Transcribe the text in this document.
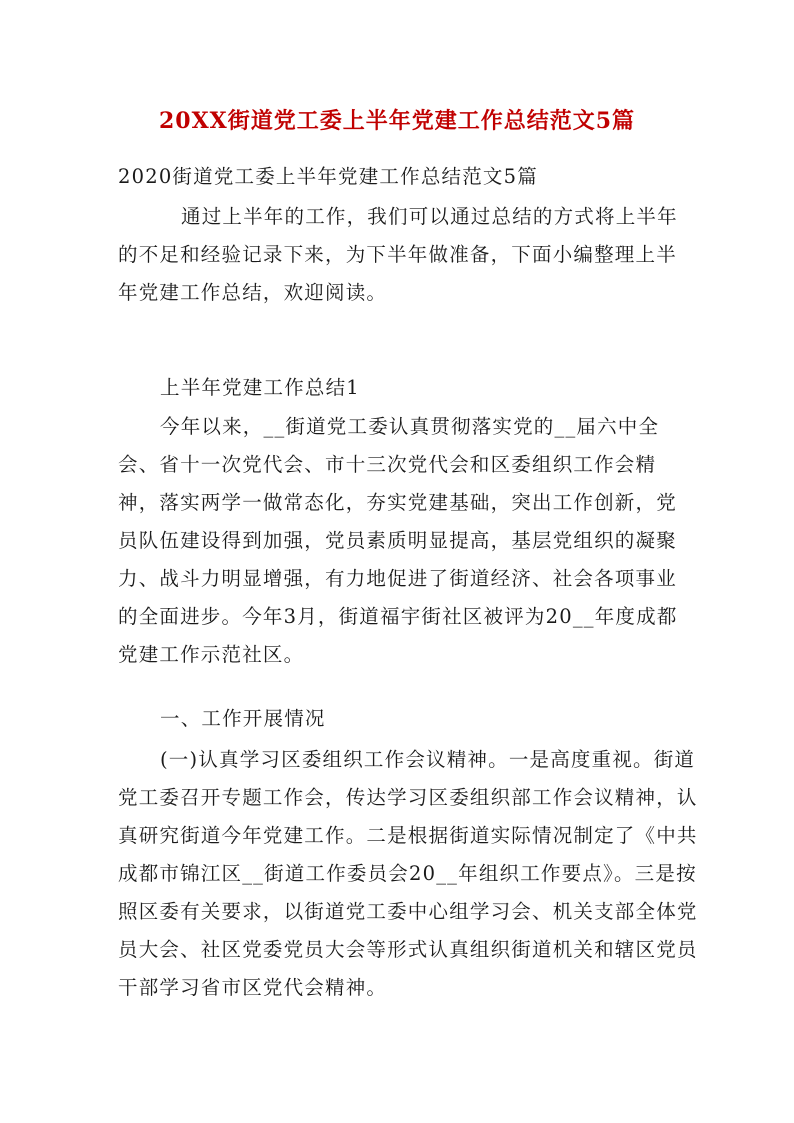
20XX街道党工委上半年党建工作总结范文5篇
2020街道党工委上半年党建工作总结范文5篇
通过上半年的工作，我们可以通过总结的方式将上半年的不足和经验记录下来，为下半年做准备，下面小编整理上半年党建工作总结，欢迎阅读。
上半年党建工作总结1
今年以来，__街道党工委认真贯彻落实党的__届六中全会、省十一次党代会、市十三次党代会和区委组织工作会精神，落实两学一做常态化，夯实党建基础，突出工作创新，党员队伍建设得到加强，党员素质明显提高，基层党组织的凝聚力、战斗力明显增强，有力地促进了街道经济、社会各项事业的全面进步。今年3月，街道福宇街社区被评为20__年度成都党建工作示范社区。
一、工作开展情况
(一)认真学习区委组织工作会议精神。一是高度重视。街道党工委召开专题工作会，传达学习区委组织部工作会议精神，认真研究街道今年党建工作。二是根据街道实际情况制定了《中共成都市锦江区__街道工作委员会20__年组织工作要点》。三是按照区委有关要求，以街道党工委中心组学习会、机关支部全体党员大会、社区党委党员大会等形式认真组织街道机关和辖区党员干部学习省市区党代会精神。
